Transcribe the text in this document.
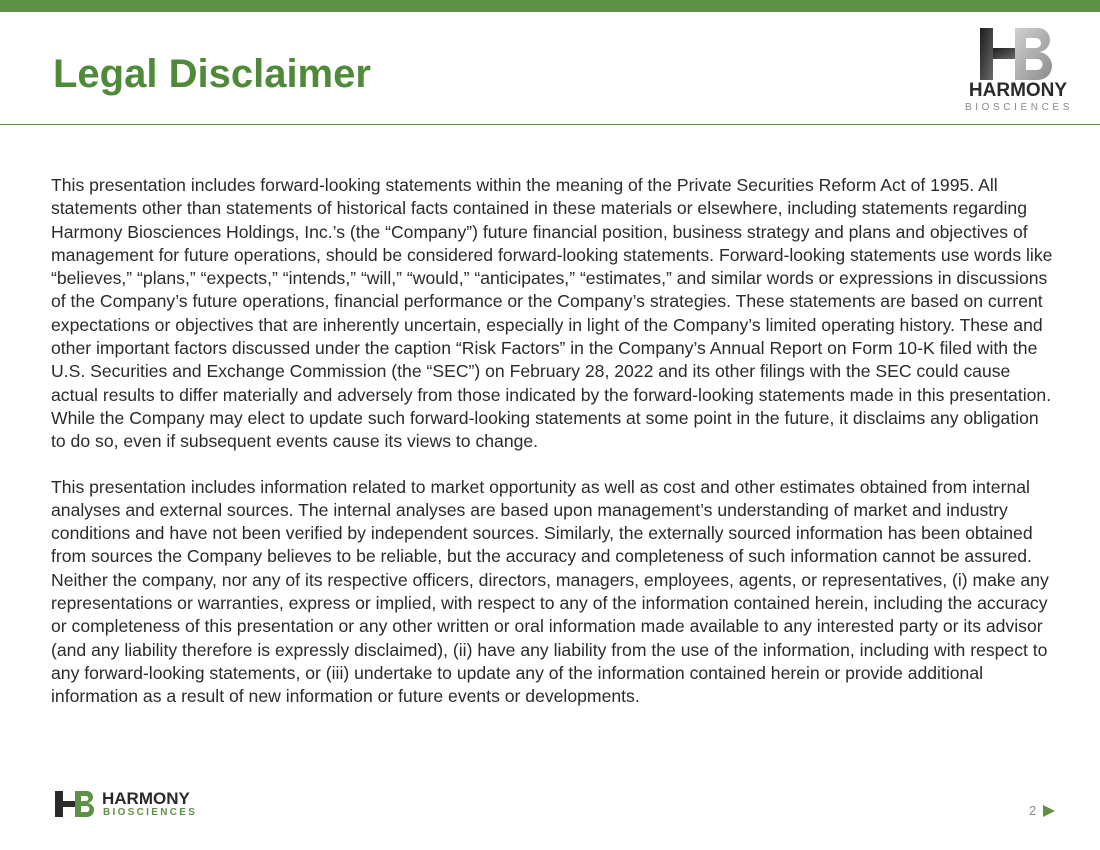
Legal Disclaimer	HARMONY
BIOSCIENCES

This presentation includes forward-looking statements within the meaning of the Private Securities Reform Act of 1995. All statements other than statements of historical facts contained in these materials or elsewhere, including statements regarding Harmony Biosciences Holdings, Inc.’s (the “Company”) future financial position, business strategy and plans and objectives of management for future operations, should be considered forward-looking statements. Forward-looking statements use words like “believes,” “plans,” “expects,” “intends,” “will,” “would,” “anticipates,” “estimates,” and similar words or expressions in discussions of the Company’s future operations, financial performance or the Company’s strategies. These statements are based on current expectations or objectives that are inherently uncertain, especially in light of the Company’s limited operating history. These and other important factors discussed under the caption “Risk Factors” in the Company’s Annual Report on Form 10-K filed with the U.S. Securities and Exchange Commission (the “SEC”) on February 28, 2022 and its other filings with the SEC could cause actual results to differ materially and adversely from those indicated by the forward-looking statements made in this presentation. While the Company may elect to update such forward-looking statements at some point in the future, it disclaims any obligation to do so, even if subsequent events cause its views to change.

This presentation includes information related to market opportunity as well as cost and other estimates obtained from internal analyses and external sources. The internal analyses are based upon management’s understanding of market and industry conditions and have not been verified by independent sources. Similarly, the externally sourced information has been obtained from sources the Company believes to be reliable, but the accuracy and completeness of such information cannot be assured. Neither the company, nor any of its respective officers, directors, managers, employees, agents, or representatives, (i) make any representations or warranties, express or implied, with respect to any of the information contained herein, including the accuracy or completeness of this presentation or any other written or oral information made available to any interested party or its advisor (and any liability therefore is expressly disclaimed), (ii) have any liability from the use of the information, including with respect to any forward-looking statements, or (iii) undertake to update any of the information contained herein or provide additional information as a result of new information or future events or developments.

HARMONY
BIOSCIENCES	2
